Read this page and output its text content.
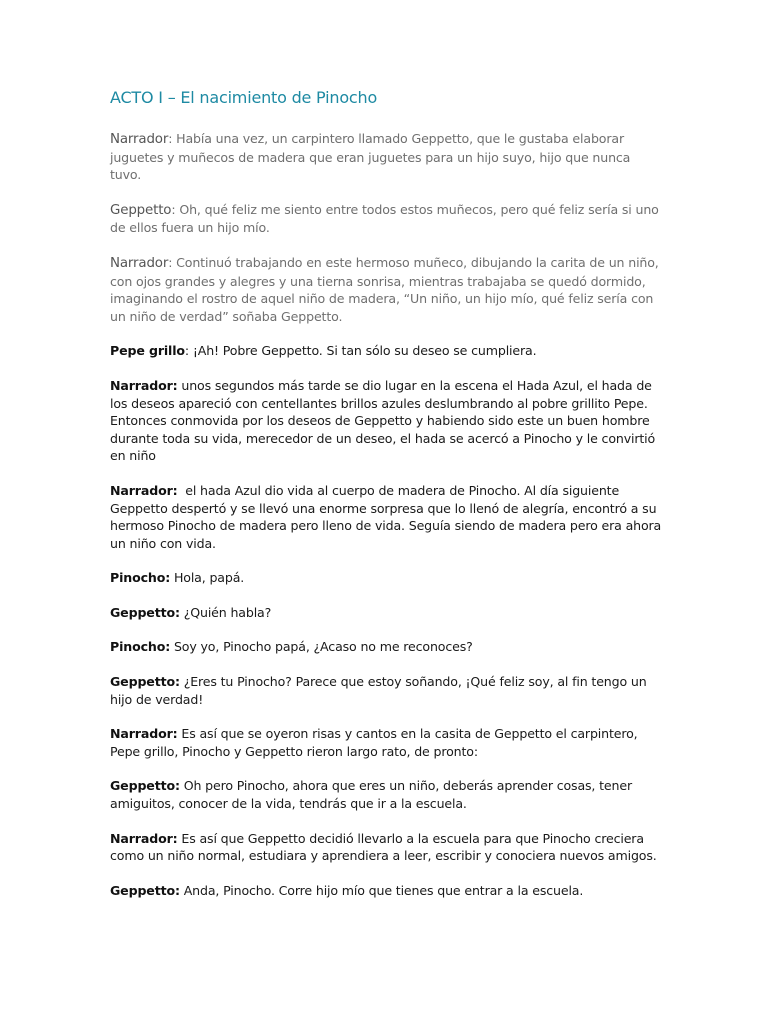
ACTO I – El nacimiento de Pinocho

Narrador: Había una vez, un carpintero llamado Geppetto, que le gustaba elaborar juguetes y muñecos de madera que eran juguetes para un hijo suyo, hijo que nunca tuvo.

Geppetto: Oh, qué feliz me siento entre todos estos muñecos, pero qué feliz sería si uno de ellos fuera un hijo mío.

Narrador: Continuó trabajando en este hermoso muñeco, dibujando la carita de un niño, con ojos grandes y alegres y una tierna sonrisa, mientras trabajaba se quedó dormido, imaginando el rostro de aquel niño de madera, “Un niño, un hijo mío, qué feliz sería con un niño de verdad” soñaba Geppetto.

Pepe grillo: ¡Ah! Pobre Geppetto. Si tan sólo su deseo se cumpliera.

Narrador: unos segundos más tarde se dio lugar en la escena el Hada Azul, el hada de los deseos apareció con centellantes brillos azules deslumbrando al pobre grillito Pepe. Entonces conmovida por los deseos de Geppetto y habiendo sido este un buen hombre durante toda su vida, merecedor de un deseo, el hada se acercó a Pinocho y le convirtió en niño

Narrador: el hada Azul dio vida al cuerpo de madera de Pinocho. Al día siguiente Geppetto despertó y se llevó una enorme sorpresa que lo llenó de alegría, encontró a su hermoso Pinocho de madera pero lleno de vida. Seguía siendo de madera pero era ahora un niño con vida.

Pinocho: Hola, papá.

Geppetto: ¿Quién habla?

Pinocho: Soy yo, Pinocho papá, ¿Acaso no me reconoces?

Geppetto: ¿Eres tu Pinocho? Parece que estoy soñando, ¡Qué feliz soy, al fin tengo un hijo de verdad!

Narrador: Es así que se oyeron risas y cantos en la casita de Geppetto el carpintero, Pepe grillo, Pinocho y Geppetto rieron largo rato, de pronto:

Geppetto: Oh pero Pinocho, ahora que eres un niño, deberás aprender cosas, tener amiguitos, conocer de la vida, tendrás que ir a la escuela.

Narrador: Es así que Geppetto decidió llevarlo a la escuela para que Pinocho creciera como un niño normal, estudiara y aprendiera a leer, escribir y conociera nuevos amigos.

Geppetto: Anda, Pinocho. Corre hijo mío que tienes que entrar a la escuela.
